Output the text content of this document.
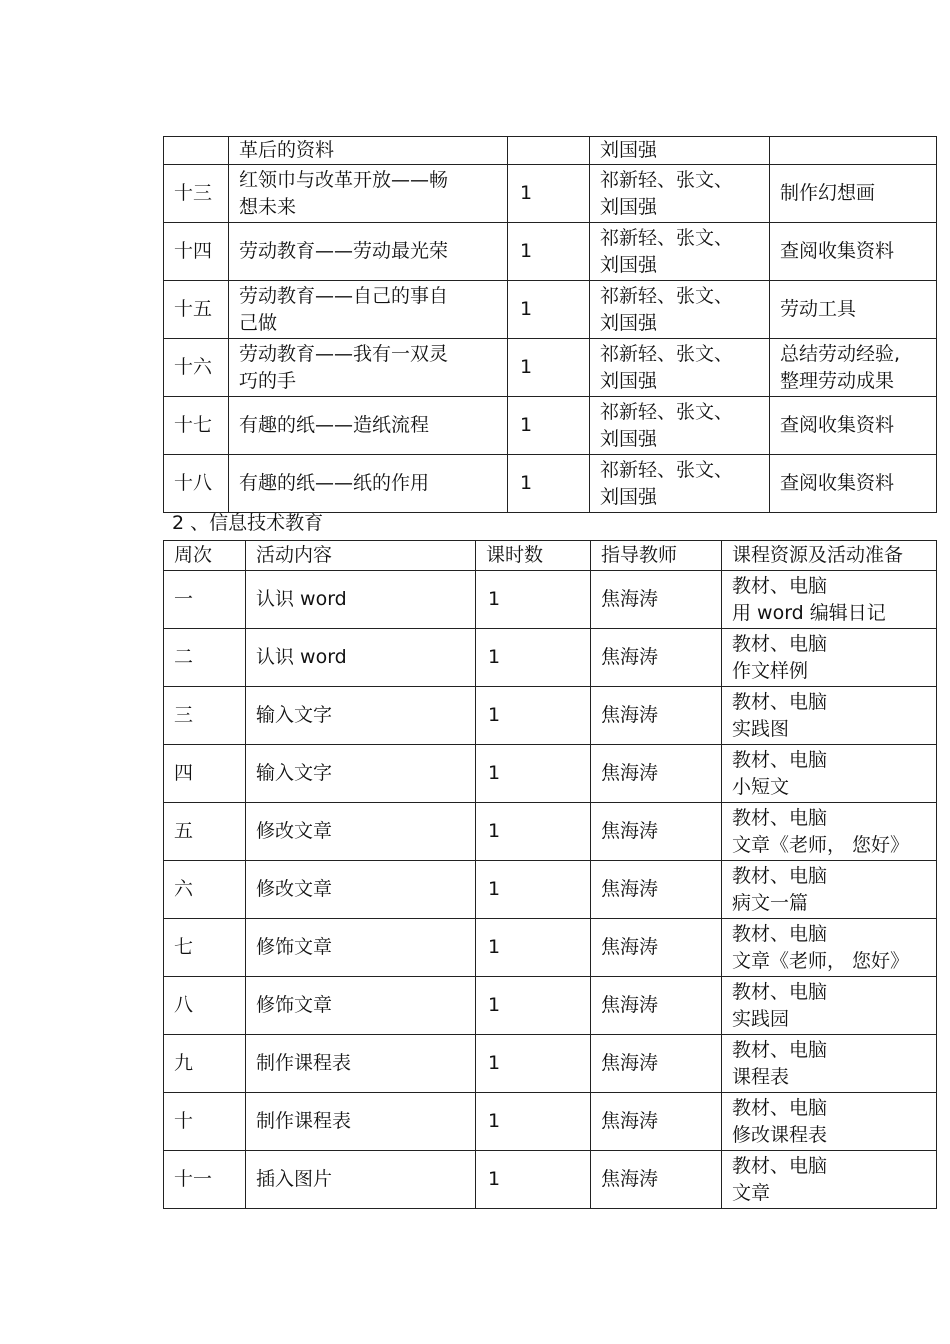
	革后的资料		刘国强	

十三	红领巾与改革开放——畅
想未来	1	祁新轻、张文、
刘国强	制作幻想画

十四	劳动教育——劳动最光荣	1	祁新轻、张文、
刘国强	查阅收集资料

十五	劳动教育——自己的事自
己做	1	祁新轻、张文、
刘国强	劳动工具

十六	劳动教育——我有一双灵
巧的手	1	祁新轻、张文、
刘国强	总结劳动经验,
整理劳动成果

十七	有趣的纸——造纸流程	1	祁新轻、张文、
刘国强	查阅收集资料

十八	有趣的纸——纸的作用	1	祁新轻、张文、
刘国强	查阅收集资料
2 、信息技术教育
周次	活动内容	课时数	指导教师	课程资源及活动准备
一	认识 word	1	焦海涛	教材、电脑
用 word 编辑日记

二	认识 word	1	焦海涛	教材、电脑
作文样例

三	输入文字	1	焦海涛	教材、电脑
实践图

四	输入文字	1	焦海涛	教材、电脑
小短文

五	修改文章	1	焦海涛	教材、电脑
文章《老师， 您好》

六	修改文章	1	焦海涛	教材、电脑
病文一篇

七	修饰文章	1	焦海涛	教材、电脑
文章《老师， 您好》

八	修饰文章	1	焦海涛	教材、电脑
实践园

九	制作课程表	1	焦海涛	教材、电脑
课程表

十	制作课程表	1	焦海涛	教材、电脑
修改课程表

十一	插入图片	1	焦海涛	教材、电脑
文章
